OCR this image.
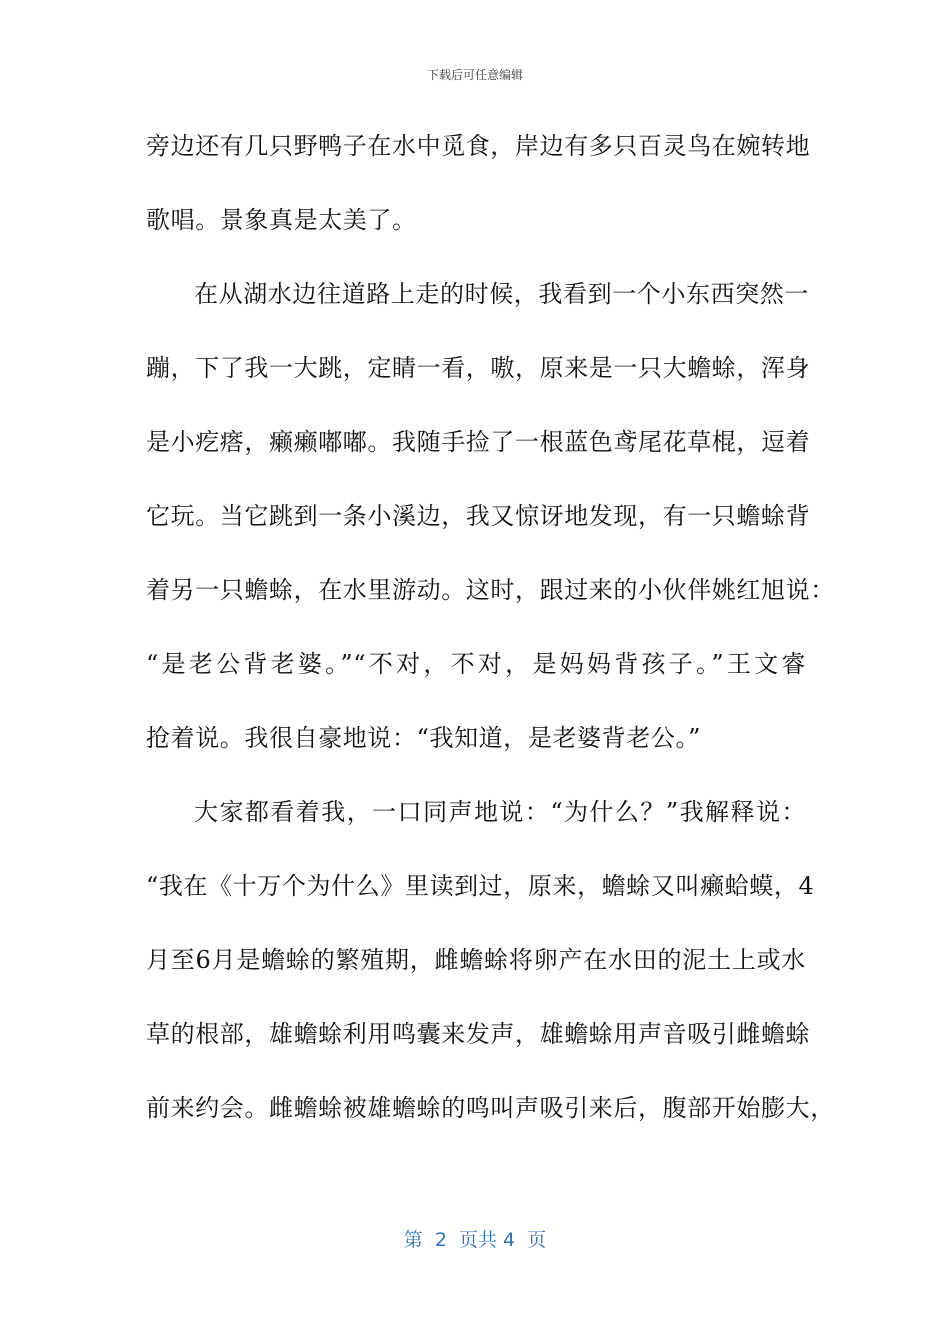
下载后可任意编辑
旁边还有几只野鸭子在水中觅食，岸边有多只百灵鸟在婉转地
歌唱。景象真是太美了。
在从湖水边往道路上走的时候，我看到一个小东西突然一
蹦，下了我一大跳，定睛一看，嗷，原来是一只大蟾蜍，浑身
是小疙瘩，癞癞嘟嘟。我随手捡了一根蓝色鸢尾花草棍，逗着
它玩。当它跳到一条小溪边，我又惊讶地发现，有一只蟾蜍背
着另一只蟾蜍，在水里游动。这时，跟过来的小伙伴姚红旭说：
“是老公背老婆。”“不对，不对，是妈妈背孩子。”王文睿
抢着说。我很自豪地说：“我知道，是老婆背老公。”
大家都看着我，一口同声地说：“为什么？”我解释说：
“我在《十万个为什么》里读到过，原来，蟾蜍又叫癞蛤蟆，4
月至6月是蟾蜍的繁殖期，雌蟾蜍将卵产在水田的泥土上或水
草的根部，雄蟾蜍利用鸣囊来发声，雄蟾蜍用声音吸引雌蟾蜍
前来约会。雌蟾蜍被雄蟾蜍的鸣叫声吸引来后，腹部开始膨大，
第  2  页共 4  页
